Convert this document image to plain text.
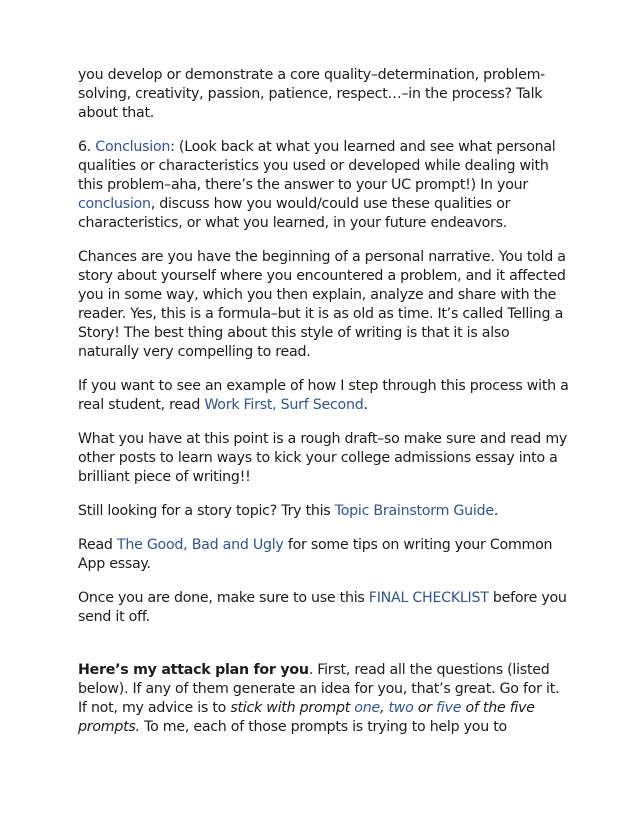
you develop or demonstrate a core quality–determination, problem-solving, creativity, passion, patience, respect…–in the process? Talk about that.

6. Conclusion: (Look back at what you learned and see what personal qualities or characteristics you used or developed while dealing with this problem–aha, there’s the answer to your UC prompt!) In your conclusion, discuss how you would/could use these qualities or characteristics, or what you learned, in your future endeavors.

Chances are you have the beginning of a personal narrative. You told a story about yourself where you encountered a problem, and it affected you in some way, which you then explain, analyze and share with the reader. Yes, this is a formula–but it is as old as time. It’s called Telling a Story! The best thing about this style of writing is that it is also naturally very compelling to read.

If you want to see an example of how I step through this process with a real student, read Work First, Surf Second.

What you have at this point is a rough draft–so make sure and read my other posts to learn ways to kick your college admissions essay into a brilliant piece of writing!!

Still looking for a story topic? Try this Topic Brainstorm Guide.

Read The Good, Bad and Ugly for some tips on writing your Common App essay.

Once you are done, make sure to use this FINAL CHECKLIST before you send it off.

Here’s my attack plan for you. First, read all the questions (listed below). If any of them generate an idea for you, that’s great. Go for it. If not, my advice is to stick with prompt one, two or five of the five prompts. To me, each of those prompts is trying to help you to
